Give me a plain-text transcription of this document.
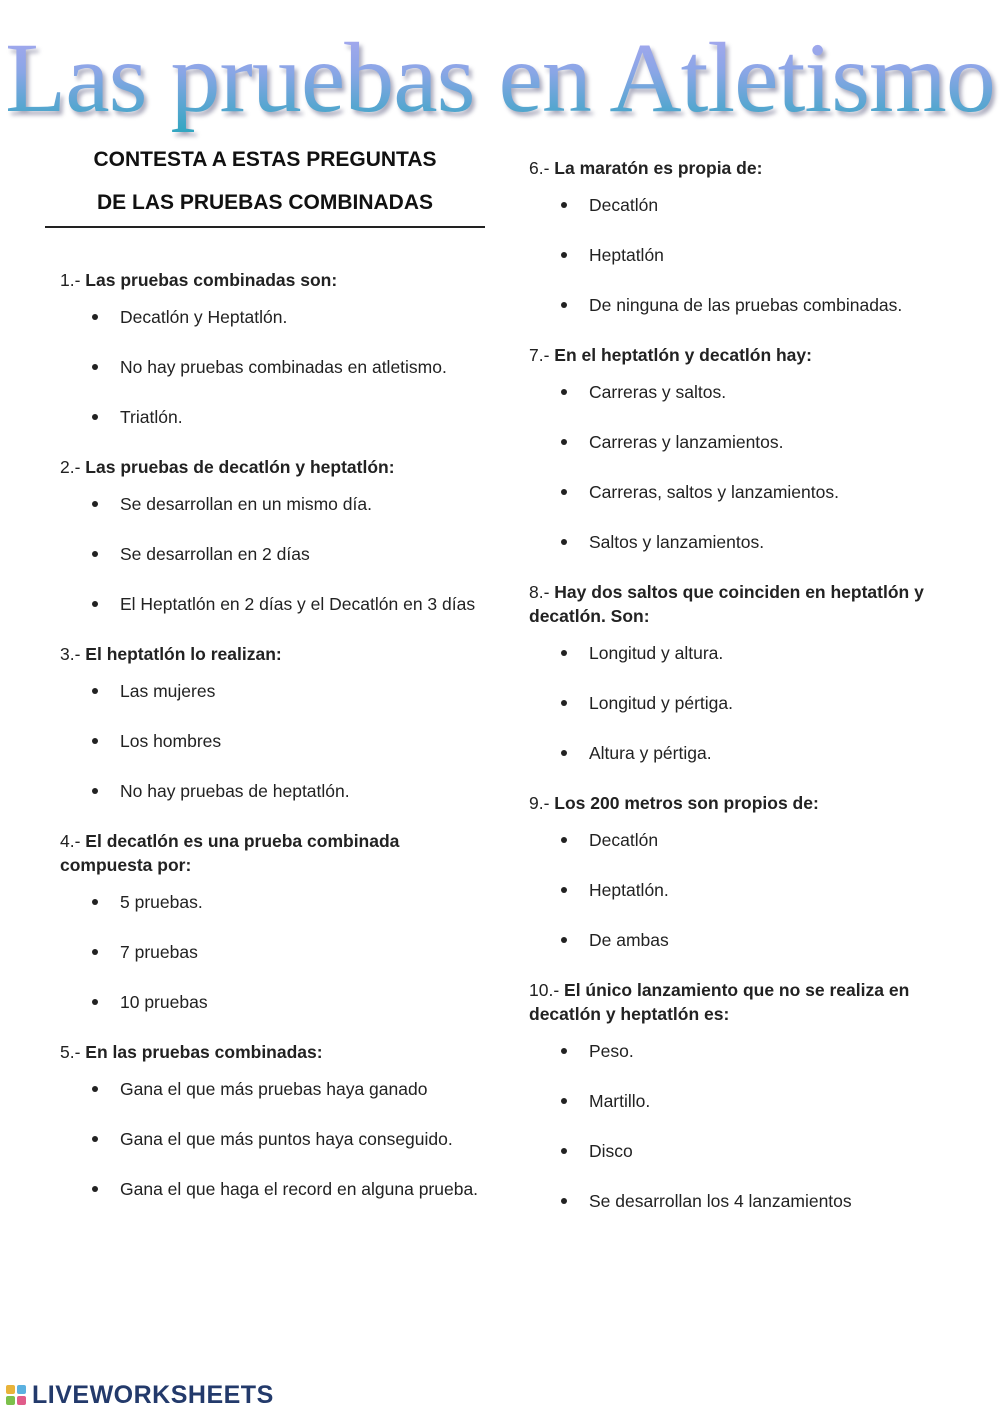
Las pruebas en Atletismo
CONTESTA A ESTAS PREGUNTAS
DE LAS PRUEBAS COMBINADAS

1.- Las pruebas combinadas son:

Decatlón y Heptatlón.
No hay pruebas combinadas en atletismo.
Triatlón.

2.- Las pruebas de decatlón y heptatlón:

Se desarrollan en un mismo día.
Se desarrollan en 2 días
El Heptatlón en 2 días y el Decatlón en 3 días

3.- El heptatlón lo realizan:

Las mujeres
Los hombres
No hay pruebas de heptatlón.

4.- El decatlón es una prueba combinada compuesta por:

5 pruebas.
7 pruebas
10 pruebas

5.- En las pruebas combinadas:

Gana el que más pruebas haya ganado
Gana el que más puntos haya conseguido.
Gana el que haga el record en alguna prueba.

6.- La maratón es propia de:

Decatlón
Heptatlón
De ninguna de las pruebas combinadas.

7.- En el heptatlón y decatlón hay:

Carreras y saltos.
Carreras y lanzamientos.
Carreras, saltos y lanzamientos.
Saltos y lanzamientos.

8.- Hay dos saltos que coinciden en heptatlón y decatlón. Son:

Longitud y altura.
Longitud y pértiga.
Altura y pértiga.

9.- Los 200 metros son propios de:

Decatlón
Heptatlón.
De ambas

10.- El único lanzamiento que no se realiza en decatlón y heptatlón es:

Peso.
Martillo.
Disco
Se desarrollan los 4 lanzamientos
LIVEWORKSHEETS
